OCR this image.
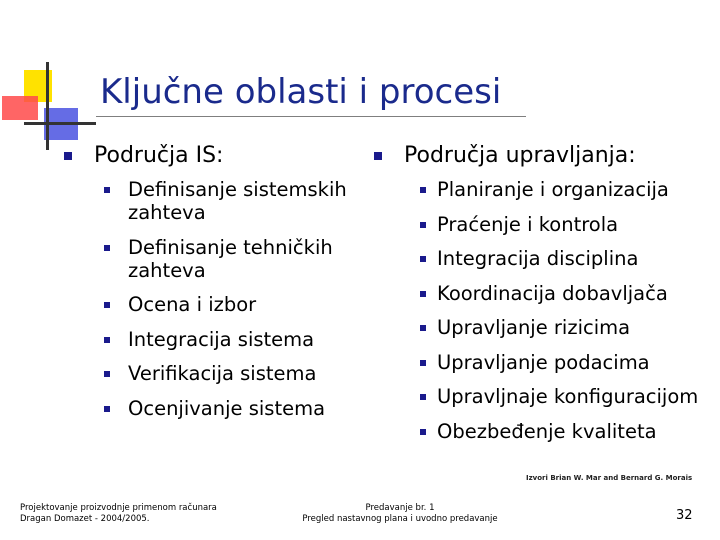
Ključne oblasti i procesi
Područja IS:
Definisanje sistemskih zahteva
Definisanje tehničkih zahteva
Ocena i izbor
Integracija sistema
Verifikacija sistema
Ocenjivanje sistema
Područja upravljanja:
Planiranje i organizacija
Praćenje i kontrola
Integracija disciplina
Koordinacija dobavljača
Upravljanje rizicima
Upravljanje podacima
Upravljnaje konfiguracijom
Obezbeđenje kvaliteta
Izvori Brian W. Mar and Bernard G. Morais
Projektovanje proizvodnje primenom računara
Dragan Domazet - 2004/2005.
Predavanje br. 1
Pregled nastavnog plana i uvodno predavanje	32
